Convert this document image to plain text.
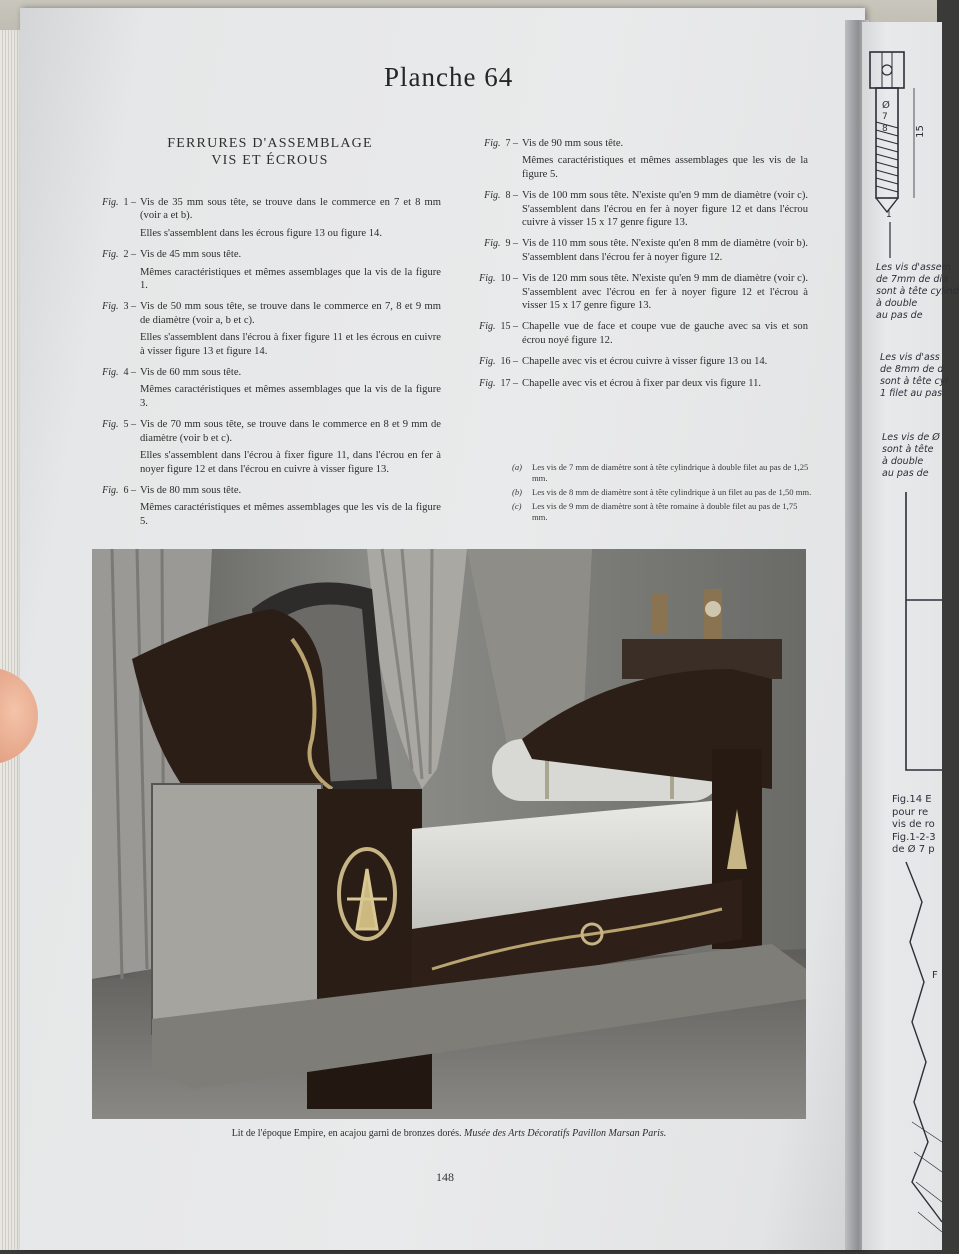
15
Ø
7
8
1
Les vis d'assem
de 7mm de dia
sont à tête cylind
à double
au pas de
Les vis d'ass
de 8mm de d
sont à tête cyl
1 filet au pas
Les vis de Ø
sont à tête
à double
au pas de
Fig.14 E
pour re
vis de ro
Fig.1-2-3
de Ø 7 p
F
Planche 64
FERRURES D'ASSEMBLAGE
VIS ET ÉCROUS
Fig. 1 – Vis de 35 mm sous tête, se trouve dans le commerce en 7 et 8 mm (voir a et b).

Elles s'assemblent dans les écrous figure 13 ou figure 14.

Fig. 2 – Vis de 45 mm sous tête.

Mêmes caractéristiques et mêmes assemblages que la vis de la figure 1.

Fig. 3 – Vis de 50 mm sous tête, se trouve dans le commerce en 7, 8 et 9 mm de diamètre (voir a, b et c).

Elles s'assemblent dans l'écrou à fixer figure 11 et les écrous en cuivre à visser figure 13 et figure 14.

Fig. 4 – Vis de 60 mm sous tête.

Mêmes caractéristiques et mêmes assemblages que la vis de la figure 3.

Fig. 5 – Vis de 70 mm sous tête, se trouve dans le commerce en 8 et 9 mm de diamètre (voir b et c).

Elles s'assemblent dans l'écrou à fixer figure 11, dans l'écrou en fer à noyer figure 12 et dans l'écrou en cuivre à visser figure 13.

Fig. 6 – Vis de 80 mm sous tête.

Mêmes caractéristiques et mêmes assemblages que les vis de la figure 5.

Fig. 7 – Vis de 90 mm sous tête.

Mêmes caractéristiques et mêmes assemblages que les vis de la figure 5.

Fig. 8 – Vis de 100 mm sous tête. N'existe qu'en 9 mm de diamètre (voir c). S'assemblent dans l'écrou en fer à noyer figure 12 et dans l'écrou cuivre à visser 15 x 17 genre figure 13.

Fig. 9 – Vis de 110 mm sous tête. N'existe qu'en 8 mm de diamètre (voir b). S'assemblent dans l'écrou fer à noyer figure 12.

Fig. 10 – Vis de 120 mm sous tête. N'existe qu'en 9 mm de diamètre (voir c). S'assemblent avec l'écrou en fer à noyer figure 12 et l'écrou à visser 15 x 17 genre figure 13.

Fig. 15 – Chapelle vue de face et coupe vue de gauche avec sa vis et son écrou noyé figure 12.

Fig. 16 – Chapelle avec vis et écrou cuivre à visser figure 13 ou 14.

Fig. 17 – Chapelle avec vis et écrou à fixer par deux vis figure 11.

(a)	Les vis de 7 mm de diamètre sont à tête cylindrique à double filet au pas de 1,25 mm.
(b)	Les vis de 8 mm de diamètre sont à tête cylindrique à un filet au pas de 1,50 mm.
(c)	Les vis de 9 mm de diamètre sont à tête romaine à double filet au pas de 1,75 mm.
Lit de l'époque Empire, en acajou garni de bronzes dorés. Musée des Arts Décoratifs Pavillon Marsan Paris.
148
